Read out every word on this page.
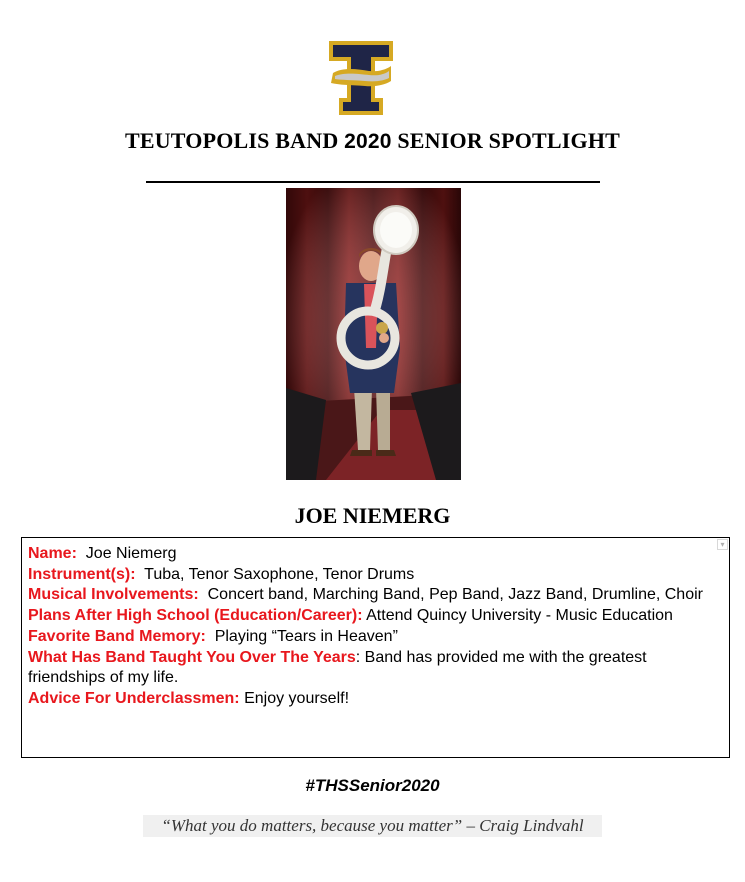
TEUTOPOLIS BAND 2020 SENIOR SPOTLIGHT
JOE NIEMERG
▾
Name: Joe Niemerg
Instrument(s): Tuba, Tenor Saxophone, Tenor Drums
Musical Involvements: Concert band, Marching Band, Pep Band, Jazz Band, Drumline, Choir
Plans After High School (Education/Career): Attend Quincy University - Music Education
Favorite Band Memory: Playing “Tears in Heaven”
What Has Band Taught You Over The Years: Band has provided me with the greatest friendships of my life.
Advice For Underclassmen: Enjoy yourself!
#THSSenior2020
“What you do matters, because you matter” – Craig Lindvahl
